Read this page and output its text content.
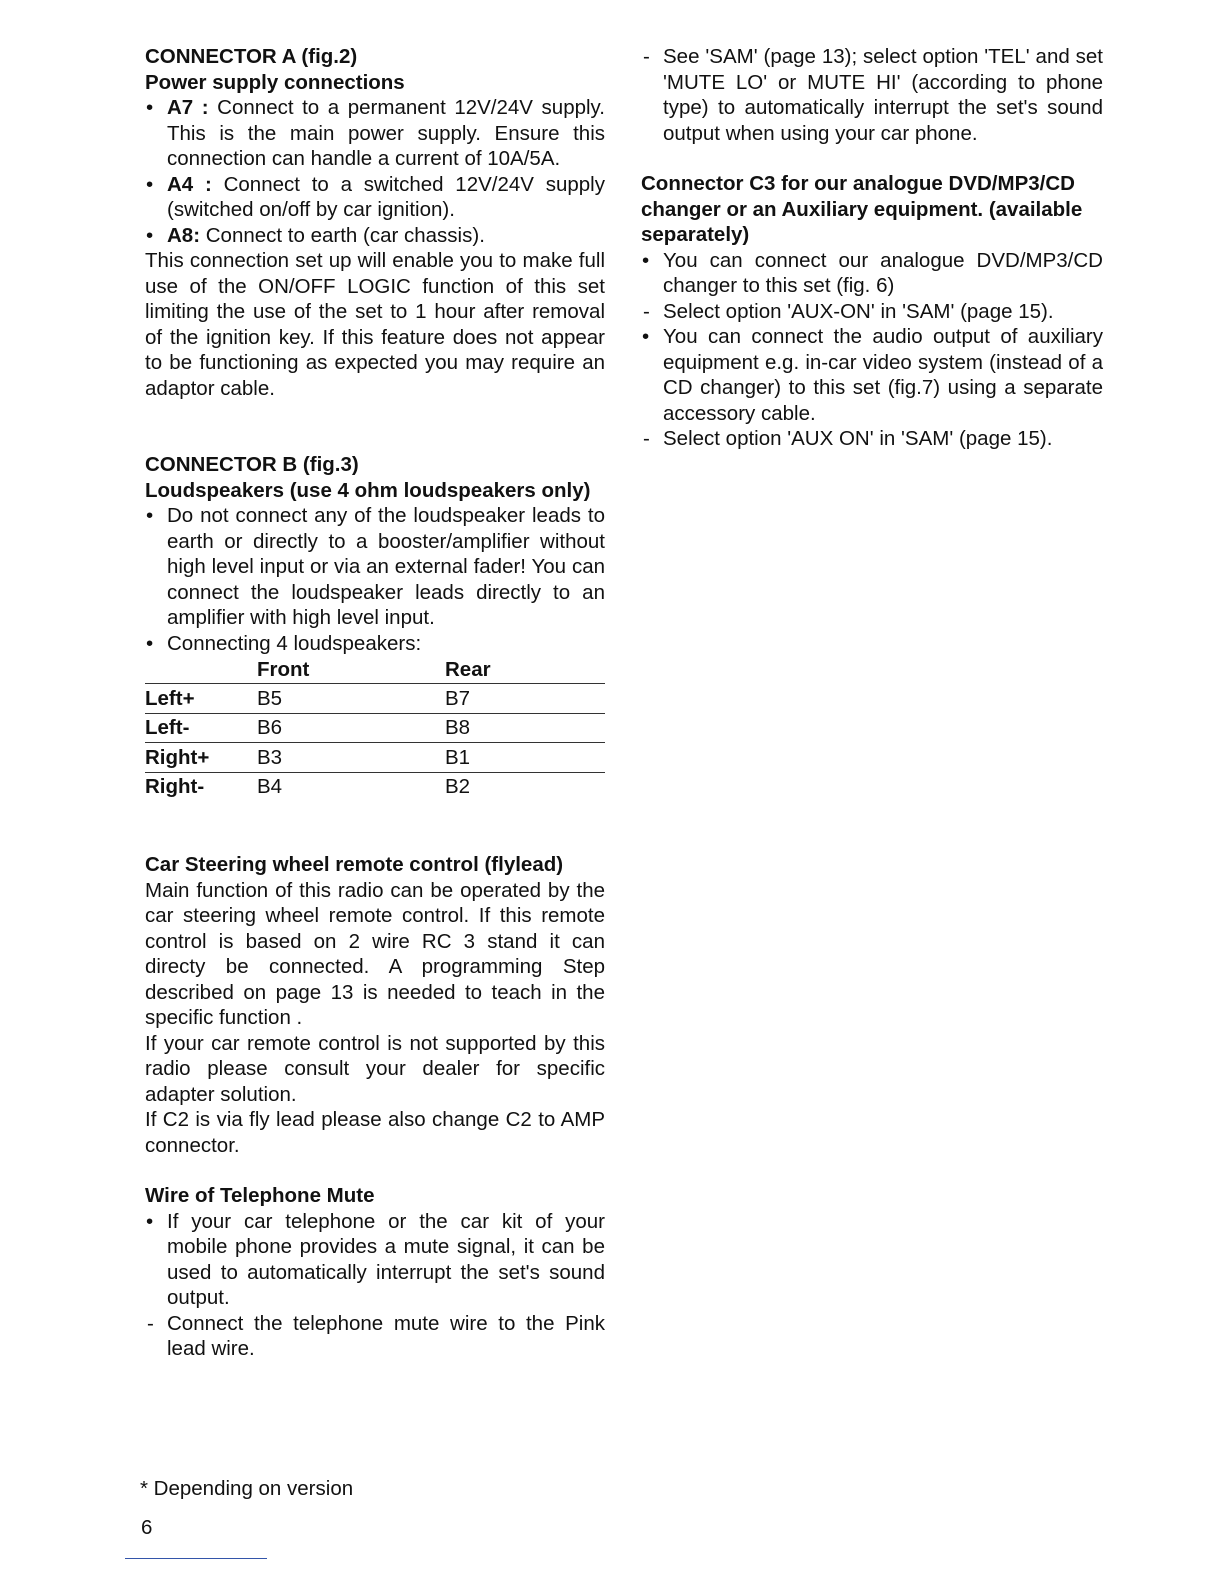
CONNECTOR A (fig.2)

Power supply connections

• A7 : Connect to a permanent 12V/24V supply. This is the main power supply. Ensure this connection can handle a current of 10A/5A.
• A4 : Connect to a switched 12V/24V supply (switched on/off by car ignition).
• A8: Connect to earth (car chassis).

This connection set up will enable you to make full use of the ON/OFF LOGIC function of this set limiting the use of the set to 1 hour after removal of the ignition key. If this feature does not appear to be functioning as expected you may require an adaptor cable.

CONNECTOR B (fig.3)

Loudspeakers (use 4 ohm loudspeakers only)

• Do not connect any of the loudspeaker leads to earth or directly to a booster/amplifier without high level input or via an external fader! You can connect the loudspeaker leads directly to an amplifier with high level input.
• Connecting 4 loudspeakers:
	Front	Rear
Left+	B5	B7
Left-	B6	B8
Right+	B3	B1
Right-	B4	B2

Car Steering wheel remote control (flylead)

Main function of this radio can be operated by the car steering wheel remote control. If this remote control is based on 2 wire RC 3 stand it can directy be connected. A programming Step described on page 13 is needed to teach in the specific function .

If your car remote control is not supported by this radio please consult your dealer for specific adapter solution.

If C2 is via fly lead please also change C2 to AMP connector.

Wire of Telephone Mute

• If your car telephone or the car kit of your mobile phone provides a mute signal, it can be used to automatically interrupt the set's sound output.
- Connect the telephone mute wire to the Pink lead wire.
- See 'SAM' (page 13); select option 'TEL' and set 'MUTE LO' or MUTE HI' (according to phone type) to automatically interrupt the set's sound output when using your car phone.

Connector C3 for our analogue DVD/MP3/CD changer or an Auxiliary equipment. (available separately)

• You can connect our analogue DVD/MP3/CD changer to this set (fig. 6)
- Select option 'AUX-ON' in 'SAM' (page 15).
• You can connect the audio output of auxiliary equipment e.g. in-car video system (instead of a CD changer) to this set (fig.7) using a separate accessory cable.
- Select option 'AUX ON' in 'SAM' (page 15).
* Depending on version
6
